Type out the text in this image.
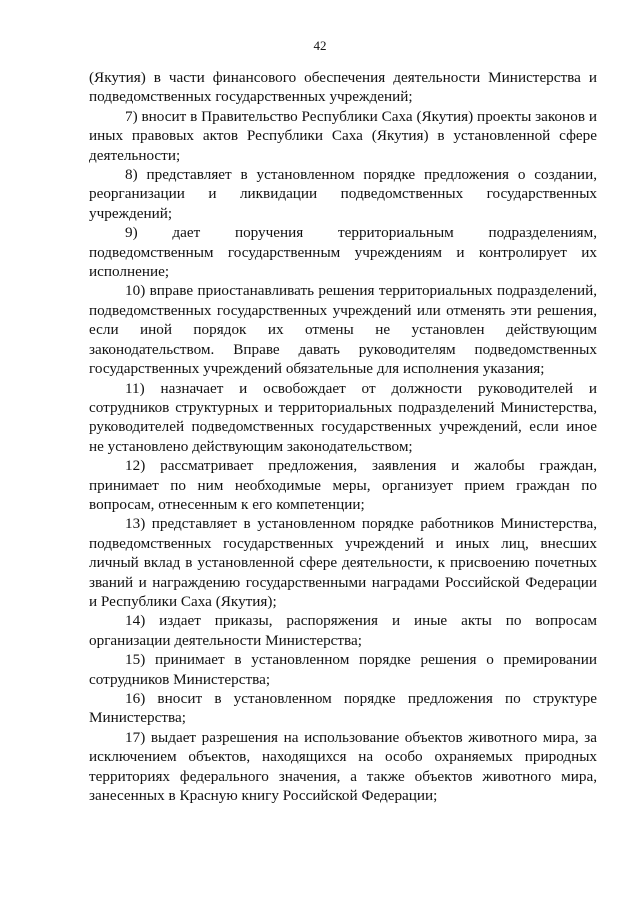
42

(Якутия) в части финансового обеспечения деятельности Министерства и подведомственных государственных учреждений;

7) вносит в Правительство Республики Саха (Якутия) проекты законов и иных правовых актов Республики Саха (Якутия) в установленной сфере деятельности;

8) представляет в установленном порядке предложения о создании, реорганизации и ликвидации подведомственных государственных учреждений;

9) дает поручения территориальным подразделениям, подведомственным государственным учреждениям и контролирует их исполнение;

10) вправе приостанавливать решения территориальных подразделений, подведомственных государственных учреждений или отменять эти решения, если иной порядок их отмены не установлен действующим законодательством. Вправе давать руководителям подведомственных государственных учреждений обязательные для исполнения указания;

11) назначает и освобождает от должности руководителей и сотрудников структурных и территориальных подразделений Министерства, руководителей подведомственных государственных учреждений, если иное не установлено действующим законодательством;

12) рассматривает предложения, заявления и жалобы граждан, принимает по ним необходимые меры, организует прием граждан по вопросам, отнесенным к его компетенции;

13) представляет в установленном порядке работников Министерства, подведомственных государственных учреждений и иных лиц, внесших личный вклад в установленной сфере деятельности, к присвоению почетных званий и награждению государственными наградами Российской Федерации и Республики Саха (Якутия);

14) издает приказы, распоряжения и иные акты по вопросам организации деятельности Министерства;

15) принимает в установленном порядке решения о премировании сотрудников Министерства;

16) вносит в установленном порядке предложения по структуре Министерства;

17) выдает разрешения на использование объектов животного мира, за исключением объектов, находящихся на особо охраняемых природных территориях федерального значения, а также объектов животного мира, занесенных в Красную книгу Российской Федерации;
